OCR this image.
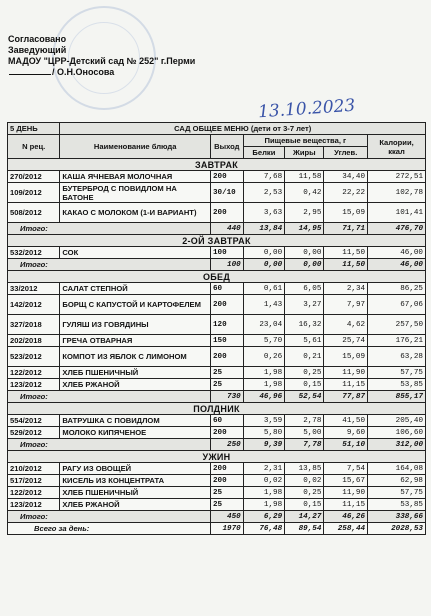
Согласовано
Заведующий
МАДОУ "ЦРР-Детский сад № 252" г.Перми
/ О.Н.Оносова
13.10.2023
5 ДЕНЬ	САД ОБЩЕЕ МЕНЮ (дети от 3-7 лет)					
N рец.	Наименование блюда	Выход	Пищевые вещества, г			Калории, ккал
			Белки	Жиры	Углев.	
ЗАВТРАК						
270/2012	КАША ЯЧНЕВАЯ МОЛОЧНАЯ	200	7,68	11,58	34,40	272,51
109/2012	БУТЕРБРОД С ПОВИДЛОМ НА БАТОНЕ	30/10	2,53	0,42	22,22	102,78
508/2012	КАКАО С МОЛОКОМ (1-И ВАРИАНТ)	200	3,63	2,95	15,09	101,41
Итого:		440	13,84	14,95	71,71	476,70
2-ОЙ ЗАВТРАК						
532/2012	СОК	100	0,00	0,00	11,50	46,00
Итого:		100	0,00	0,00	11,50	46,00
ОБЕД						
33/2012	САЛАТ СТЕПНОЙ	60	0,61	6,05	2,34	86,25
142/2012	БОРЩ С КАПУСТОЙ И КАРТОФЕЛЕМ	200	1,43	3,27	7,97	67,06
327/2018	ГУЛЯШ ИЗ ГОВЯДИНЫ	120	23,04	16,32	4,62	257,50
202/2018	ГРЕЧА ОТВАРНАЯ	150	5,70	5,61	25,74	176,21
523/2012	КОМПОТ ИЗ ЯБЛОК С ЛИМОНОМ	200	0,26	0,21	15,09	63,28
122/2012	ХЛЕБ ПШЕНИЧНЫЙ	25	1,98	0,25	11,90	57,75
123/2012	ХЛЕБ РЖАНОЙ	25	1,98	0,15	11,15	53,85
Итого:		730	46,96	52,54	77,87	855,17
ПОЛДНИК						
554/2012	ВАТРУШКА С ПОВИДЛОМ	60	3,59	2,78	41,50	205,40
529/2012	МОЛОКО КИПЯЧЕНОЕ	200	5,80	5,00	9,60	106,60
Итого:		250	9,39	7,78	51,10	312,00
УЖИН						
210/2012	РАГУ ИЗ ОВОЩЕЙ	200	2,31	13,85	7,54	164,08
517/2012	КИСЕЛЬ ИЗ КОНЦЕНТРАТА	200	0,02	0,02	15,67	62,98
122/2012	ХЛЕБ ПШЕНИЧНЫЙ	25	1,98	0,25	11,90	57,75
123/2012	ХЛЕБ РЖАНОЙ	25	1,98	0,15	11,15	53,85
Итого:		450	6,29	14,27	46,26	338,66
Всего за день:		1970	76,48	89,54	258,44	2028,53
